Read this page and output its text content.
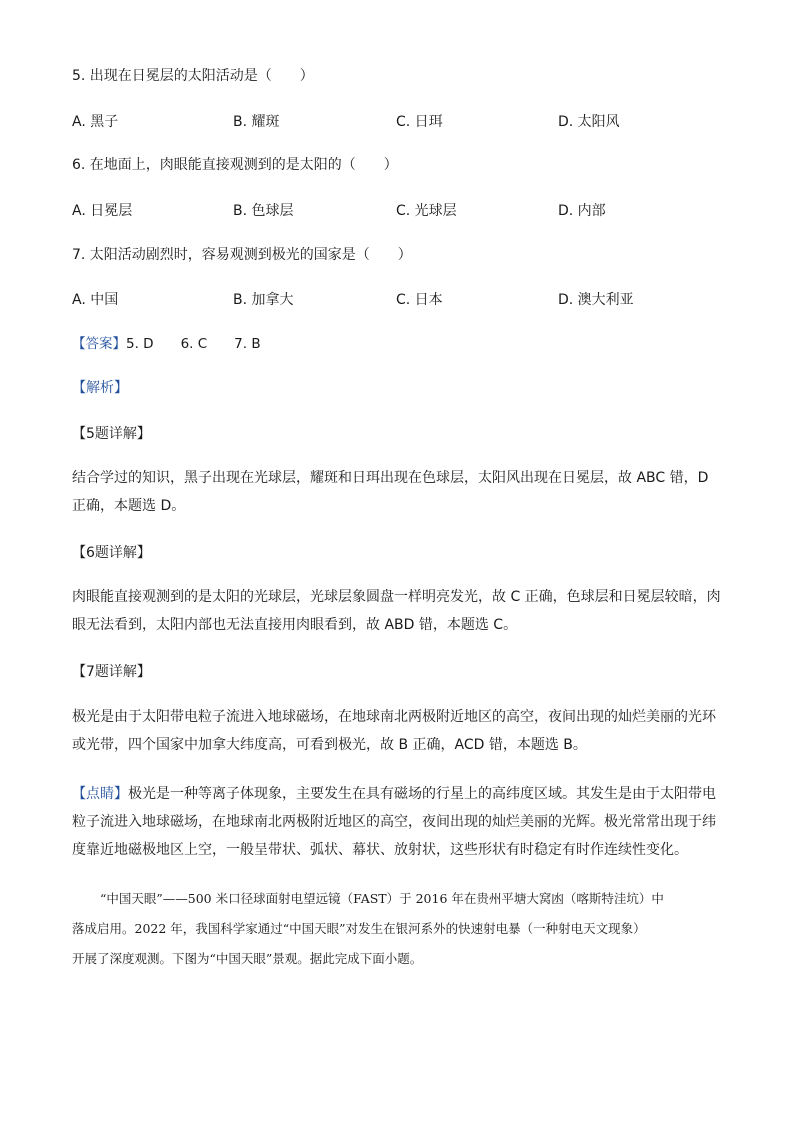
5. 出现在日冕层的太阳活动是（　　）
A. 黑子	B. 耀斑	C. 日珥	D. 太阳风
6. 在地面上，肉眼能直接观测到的是太阳的（　　）
A. 日冕层	B. 色球层	C. 光球层	D. 内部
7. 太阳活动剧烈时，容易观测到极光的国家是（　　）
A. 中国	B. 加拿大	C. 日本	D. 澳大利亚
【答案】5. D　　6. C　　7. B
【解析】
【5题详解】

结合学过的知识，黑子出现在光球层，耀斑和日珥出现在色球层，太阳风出现在日冕层，故 ABC 错，D

正确，本题选 D。

【6题详解】

肉眼能直接观测到的是太阳的光球层，光球层象圆盘一样明亮发光，故 C 正确，色球层和日冕层较暗，肉

眼无法看到，太阳内部也无法直接用肉眼看到，故 ABD 错，本题选 C。

【7题详解】

极光是由于太阳带电粒子流进入地球磁场，在地球南北两极附近地区的高空，夜间出现的灿烂美丽的光环

或光带，四个国家中加拿大纬度高，可看到极光，故 B 正确，ACD 错，本题选 B。

【点睛】极光是一种等离子体现象，主要发生在具有磁场的行星上的高纬度区域。其发生是由于太阳带电

粒子流进入地球磁场，在地球南北两极附近地区的高空，夜间出现的灿烂美丽的光辉。极光常常出现于纬

度靠近地磁极地区上空，一般呈带状、弧状、幕状、放射状，这些形状有时稳定有时作连续性变化。

“中国天眼”——500 米口径球面射电望远镜（FAST）于 2016 年在贵州平塘大窝凼（喀斯特洼坑）中

落成启用。2022 年，我国科学家通过“中国天眼”对发生在银河系外的快速射电暴（一种射电天文现象）

开展了深度观测。下图为“中国天眼”景观。据此完成下面小题。
